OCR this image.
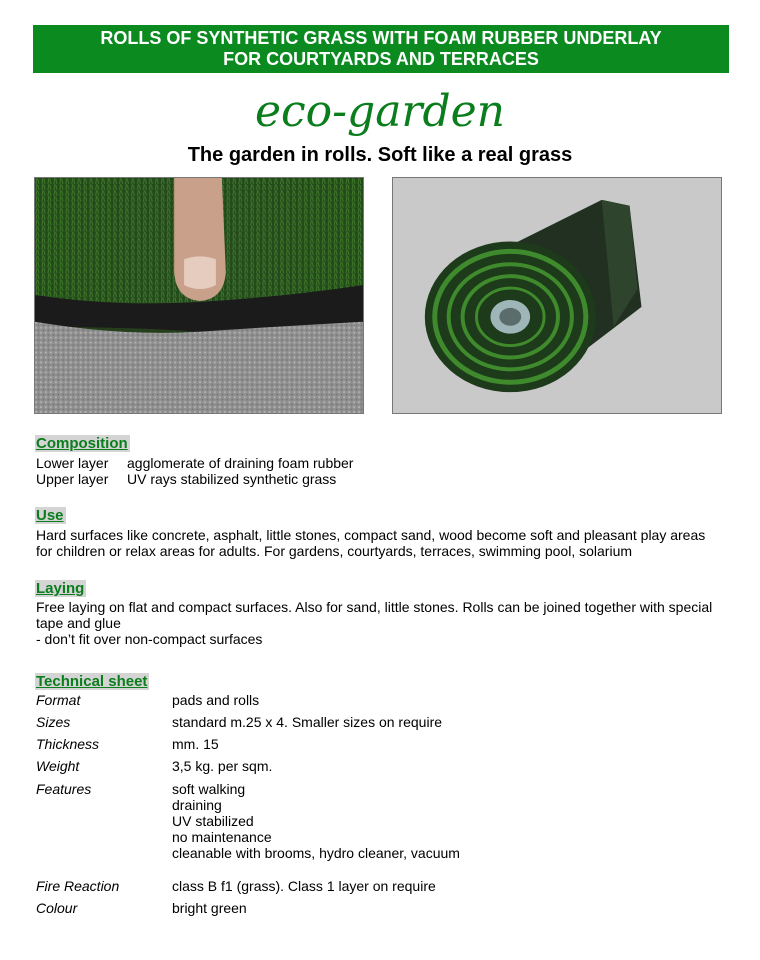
ROLLS OF SYNTHETIC GRASS WITH FOAM RUBBER UNDERLAY
FOR COURTYARDS AND TERRACES
eco-garden
The garden in rolls. Soft like a real grass
Composition
Lower layer agglomerate of draining foam rubber
Upper layer UV rays stabilized synthetic grass
Use
Hard surfaces like concrete, asphalt, little stones, compact sand, wood become soft and pleasant play areas
for children or relax areas for adults. For gardens, courtyards, terraces, swimming pool, solarium
Laying
Free laying on flat and compact surfaces. Also for sand, little stones. Rolls can be joined together with special
tape and glue
- don’t fit over non-compact surfaces
Technical sheet
Format	pads and rolls
Sizes	standard m.25 x 4. Smaller sizes on require
Thickness	mm. 15
Weight	3,5 kg. per sqm.
Features	soft walking
draining
UV stabilized
no maintenance
cleanable with brooms, hydro cleaner, vacuum
Fire Reaction	class B f1 (grass). Class 1 layer on require
Colour	bright green
